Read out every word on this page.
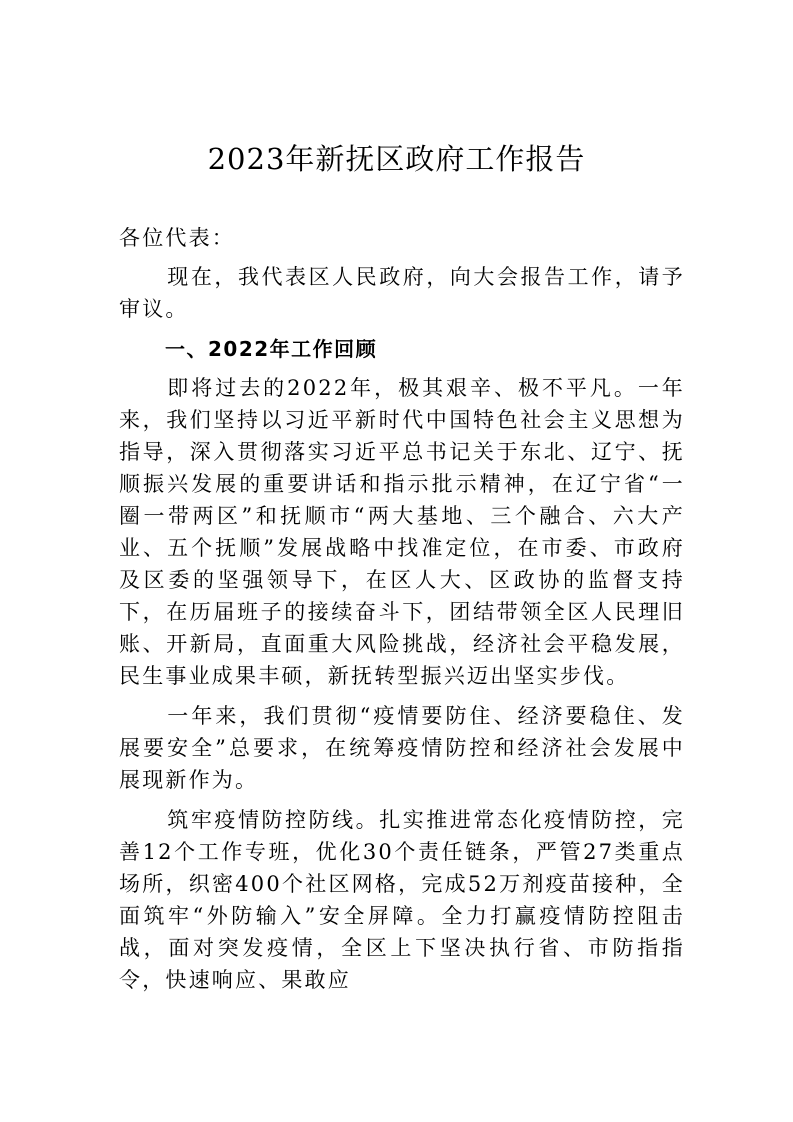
2023年新抚区政府工作报告

各位代表：

现在，我代表区人民政府，向大会报告工作，请予审议。

一、2022年工作回顾

即将过去的2022年，极其艰辛、极不平凡。一年来，我们坚持以习近平新时代中国特色社会主义思想为指导，深入贯彻落实习近平总书记关于东北、辽宁、抚顺振兴发展的重要讲话和指示批示精神，在辽宁省“一圈一带两区”和抚顺市“两大基地、三个融合、六大产业、五个抚顺”发展战略中找准定位，在市委、市政府及区委的坚强领导下，在区人大、区政协的监督支持下，在历届班子的接续奋斗下，团结带领全区人民理旧账、开新局，直面重大风险挑战，经济社会平稳发展，民生事业成果丰硕，新抚转型振兴迈出坚实步伐。

一年来，我们贯彻“疫情要防住、经济要稳住、发展要安全”总要求，在统筹疫情防控和经济社会发展中展现新作为。

筑牢疫情防控防线。扎实推进常态化疫情防控，完善12个工作专班，优化30个责任链条，严管27类重点场所，织密400个社区网格，完成52万剂疫苗接种，全面筑牢“外防输入”安全屏障。全力打赢疫情防控阻击战，面对突发疫情，全区上下坚决执行省、市防指指令，快速响应、果敢应
